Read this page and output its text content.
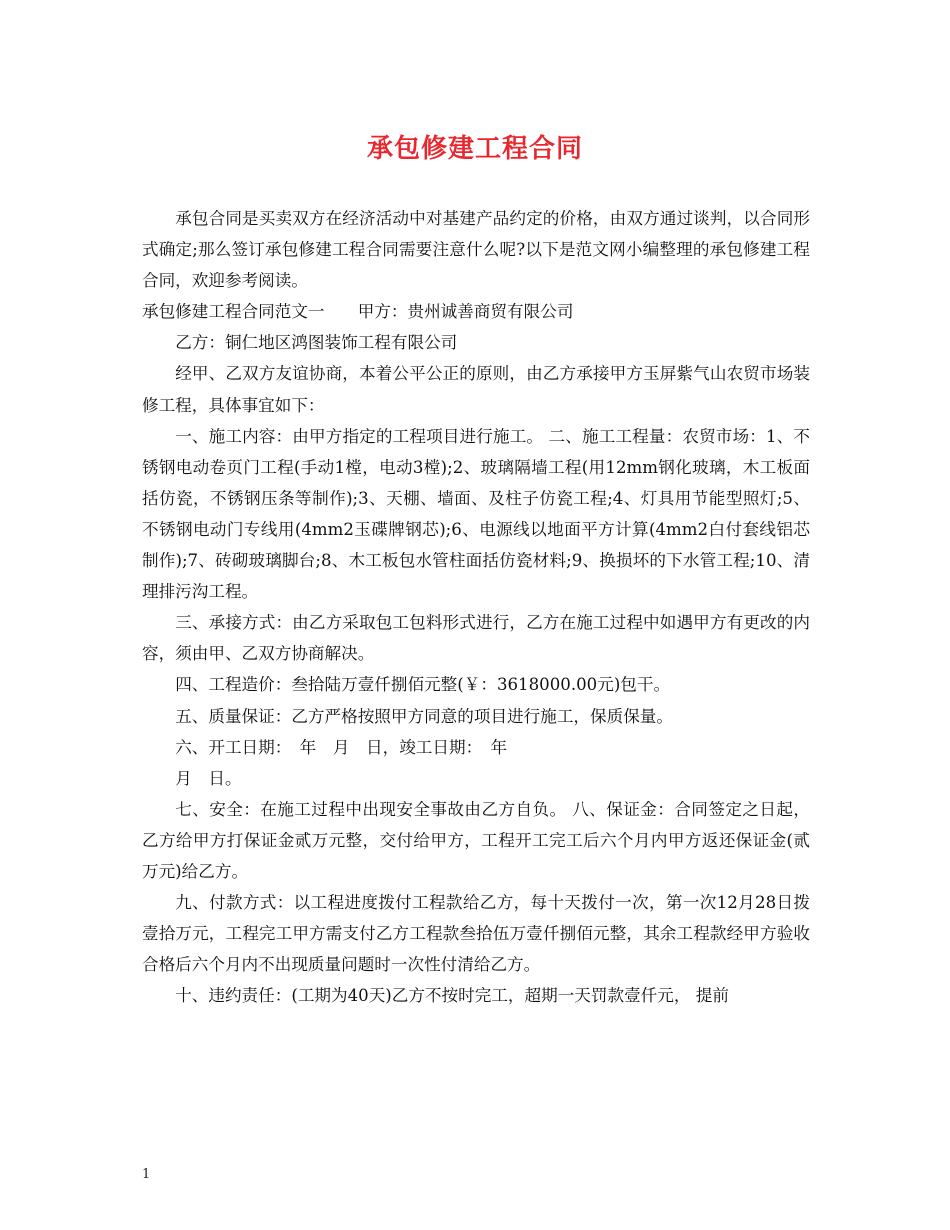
承包修建工程合同

承包合同是买卖双方在经济活动中对基建产品约定的价格，由双方通过谈判，以合同形式确定;那么签订承包修建工程合同需要注意什么呢?以下是范文网小编整理的承包修建工程合同，欢迎参考阅读。

承包修建工程合同范文一　　甲方：贵州诚善商贸有限公司

乙方：铜仁地区鸿图装饰工程有限公司

经甲、乙双方友谊协商，本着公平公正的原则，由乙方承接甲方玉屏紫气山农贸市场装修工程，具体事宜如下：

一、施工内容：由甲方指定的工程项目进行施工。 二、施工工程量：农贸市场：1、不锈钢电动卷页门工程(手动1樘，电动3樘);2、玻璃隔墙工程(用12mm钢化玻璃，木工板面括仿瓷，不锈钢压条等制作);3、天棚、墙面、及柱子仿瓷工程;4、灯具用节能型照灯;5、不锈钢电动门专线用(4mm2玉碟牌钢芯);6、电源线以地面平方计算(4mm2白付套线铝芯制作);7、砖砌玻璃脚台;8、木工板包水管柱面括仿瓷材料;9、换损坏的下水管工程;10、清理排污沟工程。

三、承接方式：由乙方采取包工包料形式进行，乙方在施工过程中如遇甲方有更改的内容，须由甲、乙双方协商解决。

四、工程造价：叁拾陆万壹仟捌佰元整(￥：3618000.00元)包干。

五、质量保证：乙方严格按照甲方同意的项目进行施工，保质保量。

六、开工日期：　年　月　日，竣工日期：　年

月　日。

七、安全：在施工过程中出现安全事故由乙方自负。 八、保证金：合同签定之日起，乙方给甲方打保证金贰万元整，交付给甲方，工程开工完工后六个月内甲方返还保证金(贰万元)给乙方。

九、付款方式：以工程进度拨付工程款给乙方，每十天拨付一次，第一次12月28日拨壹拾万元，工程完工甲方需支付乙方工程款叁拾伍万壹仟捌佰元整，其余工程款经甲方验收合格后六个月内不出现质量问题时一次性付清给乙方。

十、违约责任：(工期为40天)乙方不按时完工，超期一天罚款壹仟元， 提前

1
